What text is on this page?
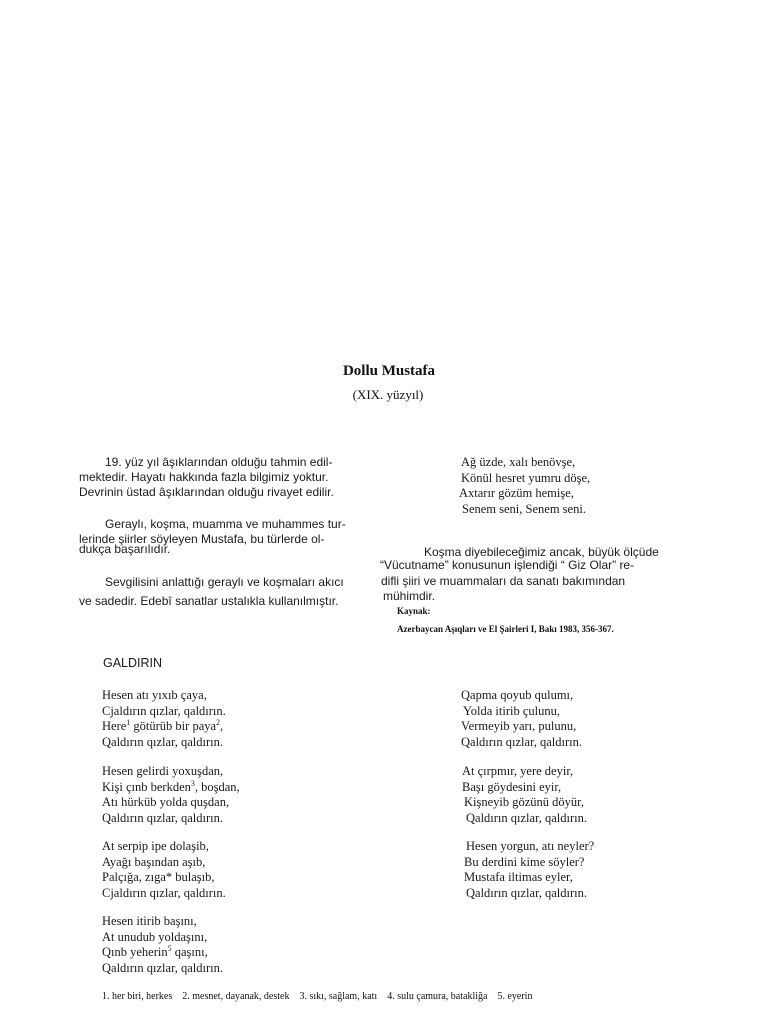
Dollu Mustafa
(XIX. yüzyıl)
19. yüz yıl âşıklarından olduğu tahmin edil-
mektedir. Hayatı hakkında fazla bilgimiz yoktur.
Devrinin üstad âşıklarından olduğu rivayet edilir.
Geraylı, koşma, muamma ve muhammes tur-
lerinde şiirler söyleyen Mustafa, bu türlerde ol-
dukça başarılıdır.
Sevgilisini anlattığı geraylı ve koşmaları akıcı
ve sadedir. Edebî sanatlar ustalıkla kullanılmıştır.
Ağ üzde, xalı benövşe,
Könül hesret yumru döşe,
Axtarır gözüm hemişe,
Senem seni, Senem seni.
Koşma diyebileceğimiz ancak, büyük ölçüde
“Vücutname” konusunun işlendiği “ Giz Olar” re-
difli şiiri ve muammaları da sanatı bakımından
mühimdir.
Kaynak:
Azerbaycan Aşıqları ve El Şairleri I, Bakı 1983, 356-367.
GALDIRIN
Hesen atı yıxıb çaya,
Cjaldırın qızlar, qaldırın.
Here$^1$ götürüb bir paya$^2$,
Qaldırın qızlar, qaldırın.
Hesen gelirdi yoxuşdan,
Kişi çınb berkden$^3$, boşdan,
Atı hürküb yolda quşdan,
Qaldırın qızlar, qaldırın.
At serpip ipe dolaşib,
Ayağı başından aşıb,
Palçığa, zıga* bulaşıb,
Cjaldırın qızlar, qaldırın.
Hesen itirib başını,
At unudub yoldaşını,
Qınb yeherin$^5$ qaşını,
Qaldırın qızlar, qaldırın.
Qapma qoyub qulumı,
Yolda itirib çulunu,
Vermeyib yarı, pulunu,
Qaldırın qızlar, qaldırın.
At çırpmır, yere deyir,
Başı göydesini eyir,
Kişneyib gözünü döyür,
Qaldırın qızlar, qaldırın.
Hesen yorgun, atı neyler?
Bu derdini kime söyler?
Mustafa iltimas eyler,
Qaldırın qızlar, qaldırın.
1. her biri, herkes    2. mesnet, dayanak, destek    3. sıkı, sağlam, katı    4. sulu çamura, batakliğa    5. eyerin
